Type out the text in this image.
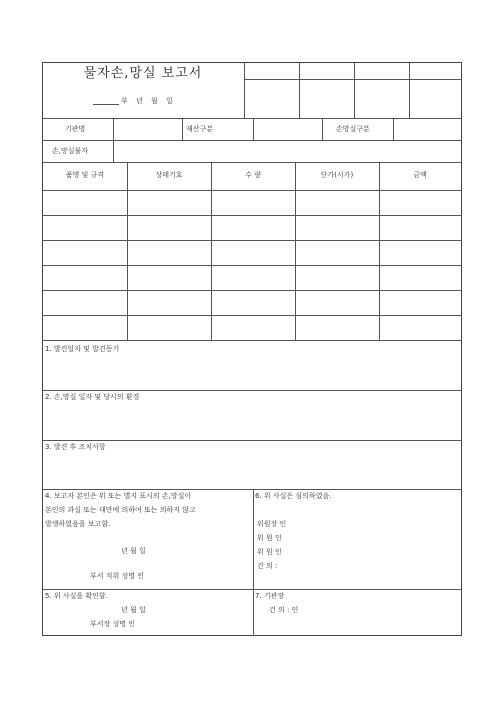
물자손,망실 보고서
부 년 월 일
기관명	재산구분	손망실구분
손,망실물자
품명 및 규격	상태기호	수 량	단가(시가)	금액
1. 발견일자 및 발견동기
2. 손,망실 일자 및 당시의 환경
3. 발견 후 조치사항
4. 보고자 본인은 위 또는 별지 표시의 손,망실이
본인의 과실 또는 대만에 의하여 또는 의하지 않고
발생하였음을 보고함.
년 월 일
부서 직위 성명 인
6. 위 사실은 심의하였음.
위원장 인
위 원 인
위 원 인
건 의 :
5. 위 사실을 확인함.
년 월 일
부서장 성명 인
7. 기관장
건 의 : 인
